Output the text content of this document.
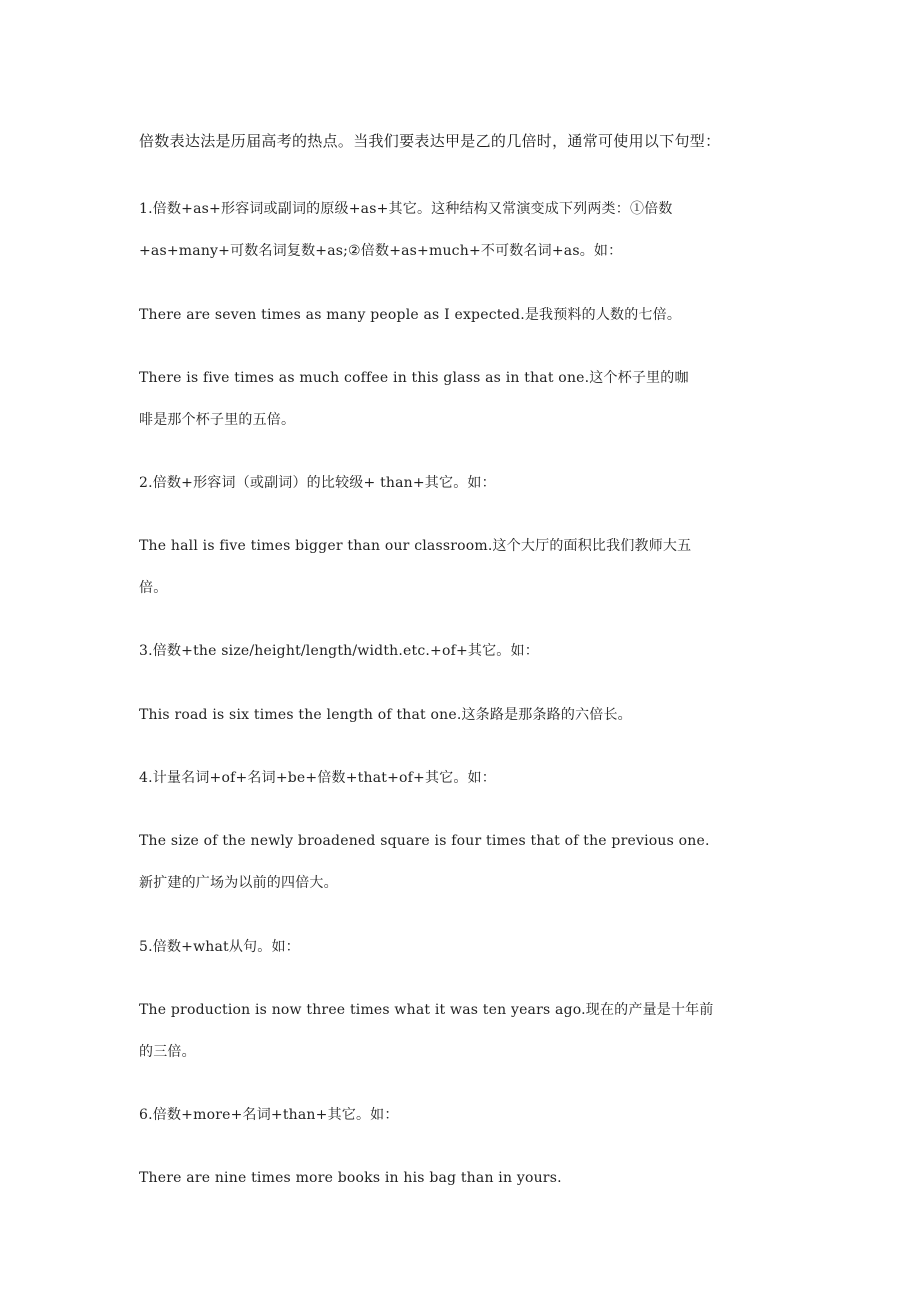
倍数表达法是历届高考的热点。当我们要表达甲是乙的几倍时，通常可使用以下句型：
1.倍数+as+形容词或副词的原级+as+其它。这种结构又常演变成下列两类：①倍数
+as+many+可数名词复数+as;②倍数+as+much+不可数名词+as。如：
There are seven times as many people as I expected.是我预料的人数的七倍。
There is five times as much coffee in this glass as in that one.这个杯子里的咖
啡是那个杯子里的五倍。
2.倍数+形容词（或副词）的比较级+ than+其它。如：
The hall is five times bigger than our classroom.这个大厅的面积比我们教师大五
倍。
3.倍数+the size/height/length/width.etc.+of+其它。如：
This road is six times the length of that one.这条路是那条路的六倍长。
4.计量名词+of+名词+be+倍数+that+of+其它。如：
The size of the newly broadened square is four times that of the previous one.
新扩建的广场为以前的四倍大。
5.倍数+what从句。如：
The production is now three times what it was ten years ago.现在的产量是十年前
的三倍。
6.倍数+more+名词+than+其它。如：
There are nine times more books in his bag than in yours.
